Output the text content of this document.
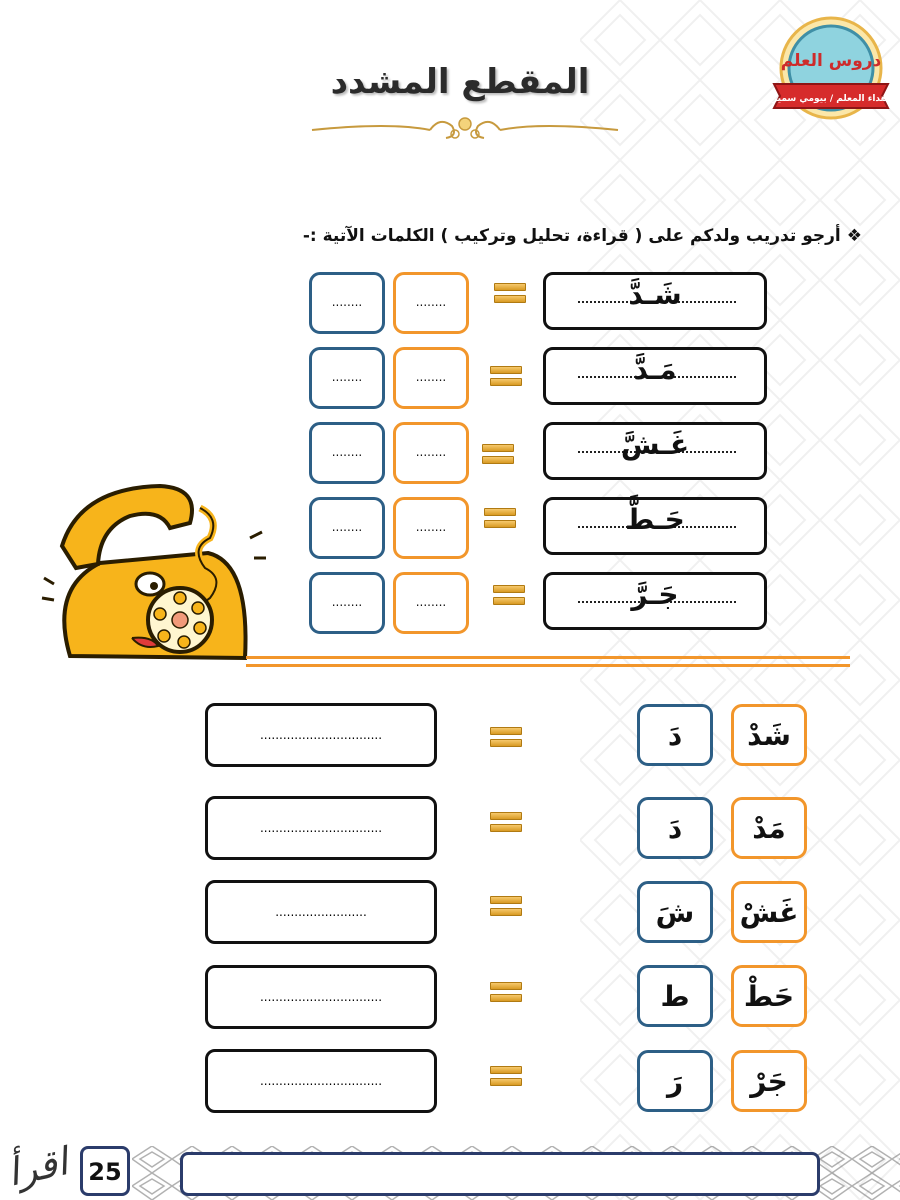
دروس العلم
إهداء المعلم / بيومي سمير
المقطع المشدد
❖أرجو تدريب ولدكم على ( قراءة، تحليل وتركيب ) الكلمات الآتية :-
شَـدَّ
........
........
مَـدَّ
........
........
غَـشَّ
........
........
حَـطَّ
........
........
جَـرَّ
........
........
شَدْ
دَ
................................
مَدْ
دَ
................................
غَشْ
شَ
........................
حَطْ
ط
................................
جَرْ
رَ
................................
25
اقرأ
